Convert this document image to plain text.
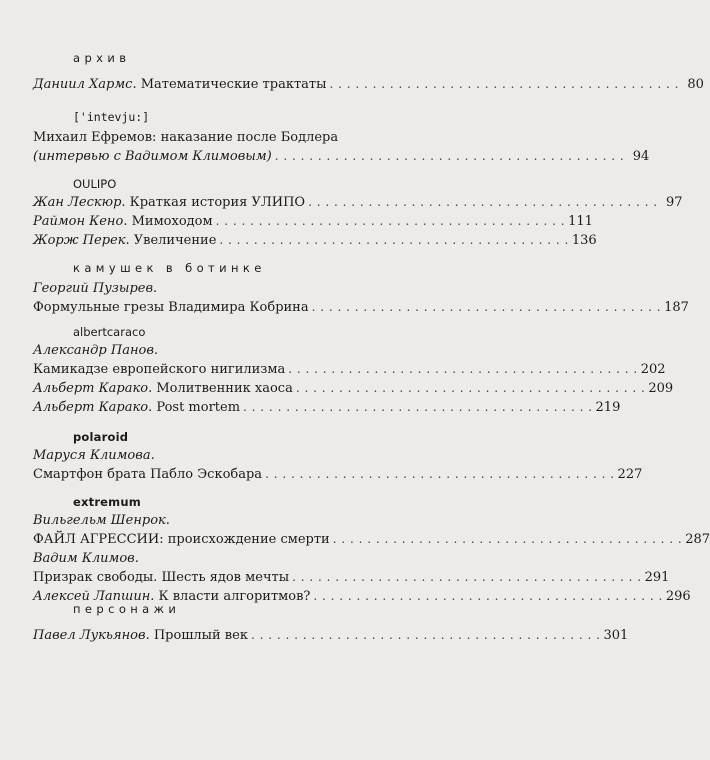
архив
Даниил Хармс . Математические трактаты . . . . . . . . . . . . . . . . . . . . . . . . . . . . . . . . . . . . . . . . . 80
['intevju:]
Михаил Ефремов: наказание после Бодлера
(интервью с Вадимом Климовым) . . . . . . . . . . . . . . . . . . . . . . . . . . . . . . . . . . . . . . . . . 94
OULIPO
Жан Лескюр . Краткая история УЛИПО . . . . . . . . . . . . . . . . . . . . . . . . . . . . . . . . . . . . . . . . . 97
Раймон Кено . Мимоходом . . . . . . . . . . . . . . . . . . . . . . . . . . . . . . . . . . . . . . . . . 111
Жорж Перек . Увеличение . . . . . . . . . . . . . . . . . . . . . . . . . . . . . . . . . . . . . . . . . 136
камушек в ботинке
Георгий Пузырев.
Формульные грезы Владимира Кобрина . . . . . . . . . . . . . . . . . . . . . . . . . . . . . . . . . . . . . . . . . 187
albertcaraco
Александр Панов.
Камикадзе европейского нигилизма . . . . . . . . . . . . . . . . . . . . . . . . . . . . . . . . . . . . . . . . . 202
Альберт Карако . Молитвенник хаоса . . . . . . . . . . . . . . . . . . . . . . . . . . . . . . . . . . . . . . . . . 209
Альберт Карако . Post mortem . . . . . . . . . . . . . . . . . . . . . . . . . . . . . . . . . . . . . . . . . 219
polaroid
Маруся Климова.
Смартфон брата Пабло Эскобара . . . . . . . . . . . . . . . . . . . . . . . . . . . . . . . . . . . . . . . . . 227
extremum
Вильгельм Шенрок.
ФАЙЛ АГРЕССИИ: происхождение смерти . . . . . . . . . . . . . . . . . . . . . . . . . . . . . . . . . . . . . . . . . 287
Вадим Климов.
Призрак свободы. Шесть ядов мечты . . . . . . . . . . . . . . . . . . . . . . . . . . . . . . . . . . . . . . . . . 291
Алексей Лапшин . К власти алгоритмов? . . . . . . . . . . . . . . . . . . . . . . . . . . . . . . . . . . . . . . . . . 296
персонажи
Павел Лукьянов . Прошлый век . . . . . . . . . . . . . . . . . . . . . . . . . . . . . . . . . . . . . . . . . 301
